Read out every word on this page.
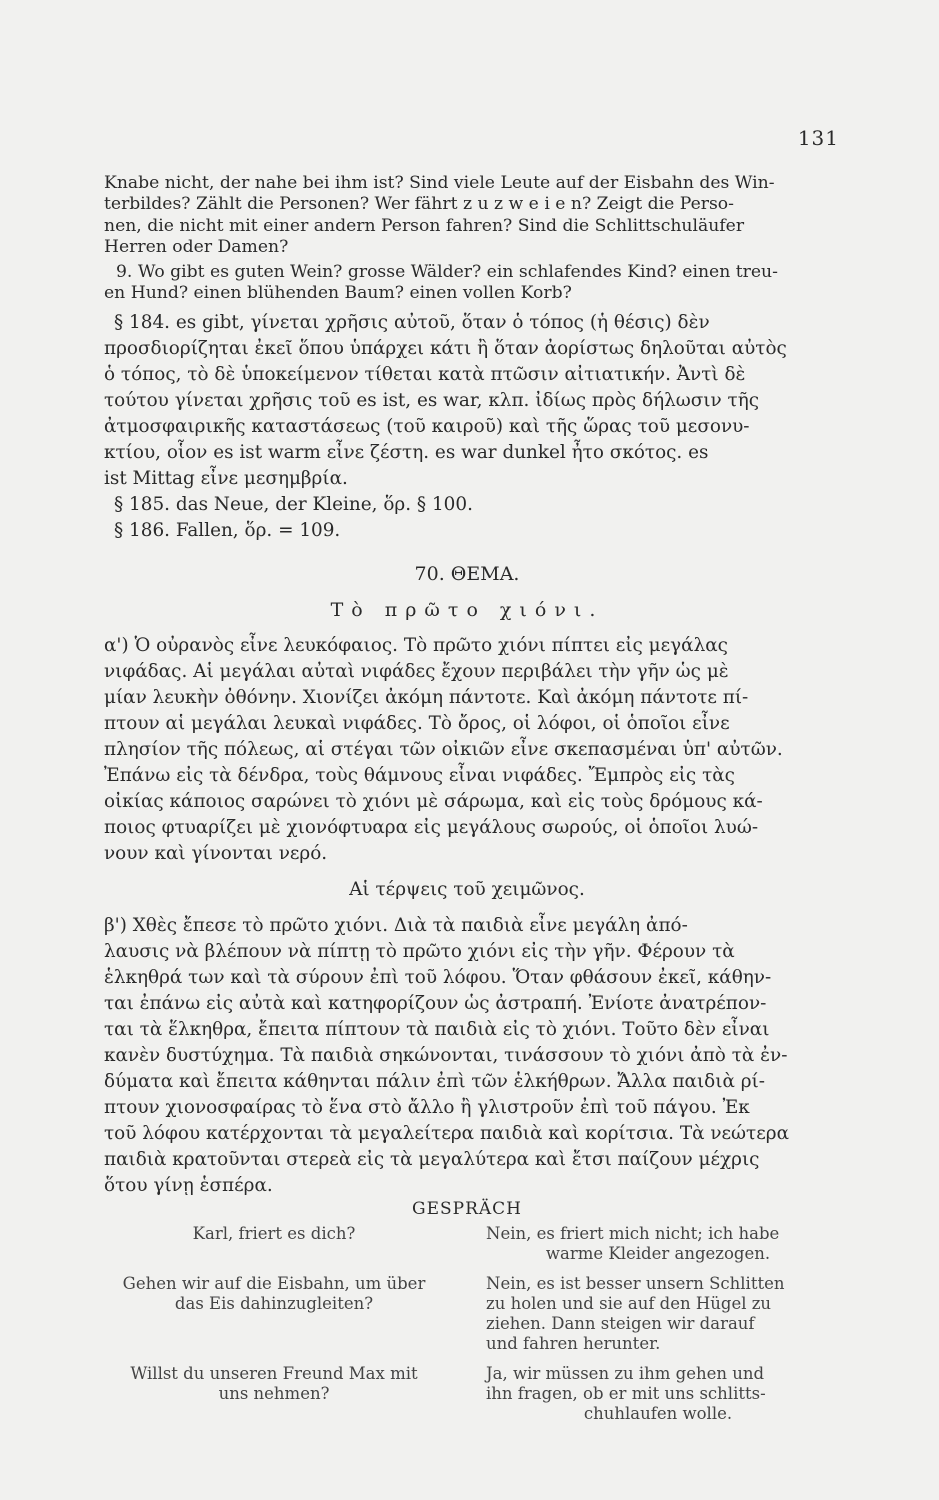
131
Knabe nicht, der nahe bei ihm ist? Sind viele Leute auf der Eisbahn des Win-
terbildes? Zählt die Personen? Wer fährt z u z w e i e n? Zeigt die Perso-
nen, die nicht mit einer andern Person fahren? Sind die Schlittschuläufer
Herren oder Damen?
9. Wo gibt es guten Wein? grosse Wälder? ein schlafendes Kind? einen treu-
en Hund? einen blühenden Baum? einen vollen Korb?
§ 184. es gibt, γίνεται χρῆσις αὐτοῦ, ὅταν ὁ τόπος (ἡ θέσις) δὲν
προσδιορίζηται ἐκεῖ ὅπου ὑπάρχει κάτι ἢ ὅταν ἀορίστως δηλοῦται αὐτὸς
ὁ τόπος, τὸ δὲ ὑποκείμενον τίθεται κατὰ πτῶσιν αἰτιατικήν. Ἀντὶ δὲ
τούτου γίνεται χρῆσις τοῦ es ist, es war, κλπ. ἰδίως πρὸς δήλωσιν τῆς
ἀτμοσφαιρικῆς καταστάσεως (τοῦ καιροῦ) καὶ τῆς ὥρας τοῦ μεσονυ-
κτίου, οἷον es ist warm εἶνε ζέστη. es war dunkel ἦτο σκότος. es
ist Mittag εἶνε μεσημβρία.
§ 185. das Neue, der Kleine, ὅρ. § 100.
§ 186. Fallen, ὅρ. = 109.
70. ΘΕΜΑ.
Τὸ πρῶτο χιόνι.
α') Ὁ οὐρανὸς εἶνε λευκόφαιος. Τὸ πρῶτο χιόνι πίπτει εἰς μεγάλας
νιφάδας. Αἱ μεγάλαι αὐταὶ νιφάδες ἔχουν περιβάλει τὴν γῆν ὡς μὲ
μίαν λευκὴν ὀθόνην. Χιονίζει ἀκόμη πάντοτε. Καὶ ἀκόμη πάντοτε πί-
πτουν αἱ μεγάλαι λευκαὶ νιφάδες. Τὸ ὄρος, οἱ λόφοι, οἱ ὁποῖοι εἶνε
πλησίον τῆς πόλεως, αἱ στέγαι τῶν οἰκιῶν εἶνε σκεπασμέναι ὑπ' αὐτῶν.
Ἐπάνω εἰς τὰ δένδρα, τοὺς θάμνους εἶναι νιφάδες. Ἔμπρὸς εἰς τὰς
οἰκίας κάποιος σαρώνει τὸ χιόνι μὲ σάρωμα, καὶ εἰς τοὺς δρόμους κά-
ποιος φτυαρίζει μὲ χιονόφτυαρα εἰς μεγάλους σωρούς, οἱ ὁποῖοι λυώ-
νουν καὶ γίνονται νερό.
Αἱ τέρψεις τοῦ χειμῶνος.
β') Χθὲς ἔπεσε τὸ πρῶτο χιόνι. Διὰ τὰ παιδιὰ εἶνε μεγάλη ἀπό-
λαυσις νὰ βλέπουν νὰ πίπτῃ τὸ πρῶτο χιόνι εἰς τὴν γῆν. Φέρουν τὰ
ἑλκηθρά των καὶ τὰ σύρουν ἐπὶ τοῦ λόφου. Ὅταν φθάσουν ἐκεῖ, κάθην-
ται ἐπάνω εἰς αὐτὰ καὶ κατηφορίζουν ὡς ἀστραπή. Ἐνίοτε ἀνατρέπον-
ται τὰ ἕλκηθρα, ἔπειτα πίπτουν τὰ παιδιὰ εἰς τὸ χιόνι. Τοῦτο δὲν εἶναι
κανὲν δυστύχημα. Τὰ παιδιὰ σηκώνονται, τινάσσουν τὸ χιόνι ἀπὸ τὰ ἐν-
δύματα καὶ ἔπειτα κάθηνται πάλιν ἐπὶ τῶν ἑλκήθρων. Ἄλλα παιδιὰ ρί-
πτουν χιονοσφαίρας τὸ ἕνα στὸ ἄλλο ἢ γλιστροῦν ἐπὶ τοῦ πάγου. Ἐκ
τοῦ λόφου κατέρχονται τὰ μεγαλείτερα παιδιὰ καὶ κορίτσια. Τὰ νεώτερα
παιδιὰ κρατοῦνται στερεὰ εἰς τὰ μεγαλύτερα καὶ ἔτσι παίζουν μέχρις
ὅτου γίνῃ ἑσπέρα.
GESPRÄCH
Karl, friert es dich?	Nein, es friert mich nicht; ich habe
warme Kleider angezogen.
Gehen wir auf die Eisbahn, um über
das Eis dahinzugleiten?
Nein, es ist besser unsern Schlitten
zu holen und sie auf den Hügel zu
ziehen. Dann steigen wir darauf
und fahren herunter.
Willst du unseren Freund Max mit
uns nehmen?
Ja, wir müssen zu ihm gehen und
ihn fragen, ob er mit uns schlitts-
chuhlaufen wolle.
